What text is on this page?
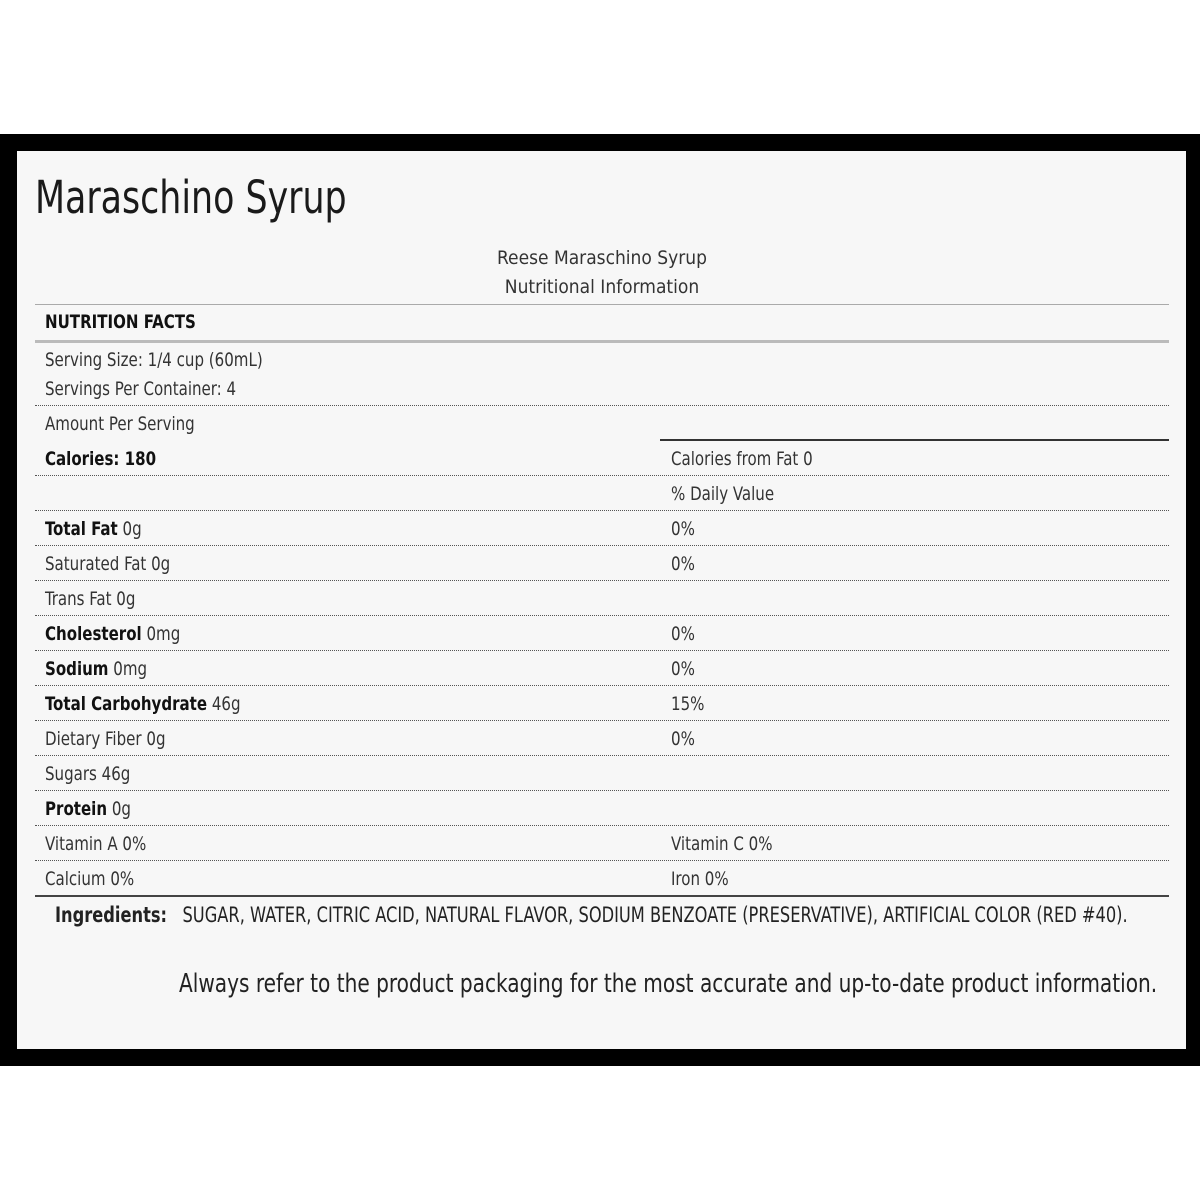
Maraschino Syrup
Reese Maraschino Syrup
Nutritional Information
NUTRITION FACTS
Serving Size: 1/4 cup (60mL)
Servings Per Container: 4
Amount Per Serving
Calories: 180	Calories from Fat 0
% Daily Value
Total Fat 0g	0%
Saturated Fat 0g	0%
Trans Fat 0g
Cholesterol 0mg	0%
Sodium 0mg	0%
Total Carbohydrate 46g	15%
Dietary Fiber 0g	0%
Sugars 46g
Protein 0g
Vitamin A 0%	Vitamin C 0%
Calcium 0%	Iron 0%
Ingredients: SUGAR, WATER, CITRIC ACID, NATURAL FLAVOR, SODIUM BENZOATE (PRESERVATIVE), ARTIFICIAL COLOR (RED #40).
Always refer to the product packaging for the most accurate and up-to-date product information.
